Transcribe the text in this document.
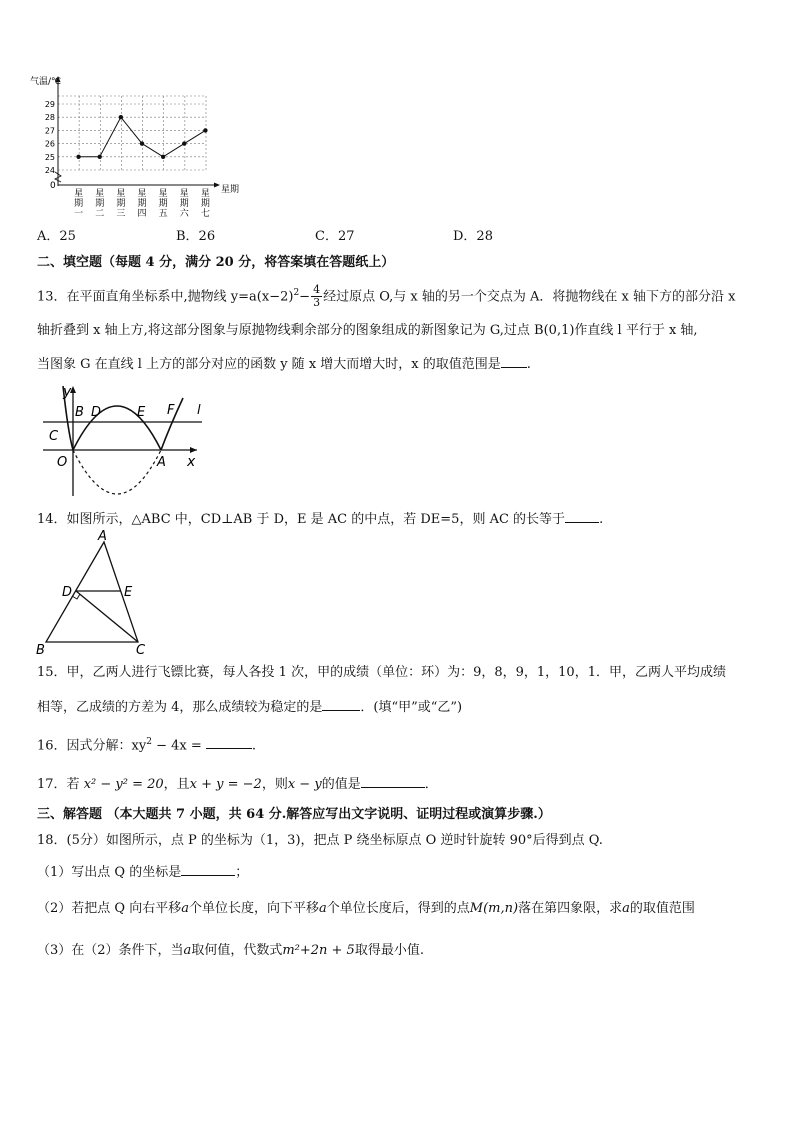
24
25
26
27
28
29
星
期
一
星
期
二
星
期
三
星
期
四
星
期
五
星
期
六
星
期
七
气温/℃
星期
0
A．25	B．26	C．27	D．28
二、填空题（每题 4 分，满分 20 分，将答案填在答题纸上）
13．在平面直角坐标系中,抛物线 $y=a(x-2)^2- \frac{4}{3}$ 经过原点 O,与 x 轴的另一个交点为 A．将抛物线在 x 轴下方的部分沿 x
轴折叠到 x 轴上方,将这部分图象与原抛物线剩余部分的图象组成的新图象记为 G,过点 B(0,1)作直线 l 平行于 x 轴,
当图象 G 在直线 l 上方的部分对应的函数 y 随 x 增大而增大时，x 的取值范围是 .
y
B D	E F l
C
O	A x
14．如图所示，△ABC 中，CD⊥AB 于 D，E 是 AC 的中点，若 DE=5，则 AC 的长等于	.
A
D	E
B	C
15．甲，乙两人进行飞镖比赛，每人各投 1 次，甲的成绩（单位：环）为：9，8，9，1，10，1．甲，乙两人平均成绩
相等，乙成绩的方差为 4，那么成绩较为稳定的是	．(填“甲”或“乙”)
16．因式分解：$xy^2 - 4x$ =	.
17．若 x² − y² = 20，且x + y = −2，则x − y的值是	．
三、解答题 （本大题共 7 小题，共 64 分.解答应写出文字说明、证明过程或演算步骤.）
18．(5分）如图所示，点 P 的坐标为（1，3)，把点 P 绕坐标原点 O 逆时针旋转 90°后得到点 Q.
（1）写出点 Q 的坐标是	；
（2）若把点 Q 向右平移a个单位长度，向下平移a个单位长度后，得到的点M(m,n)落在第四象限，求a的取值范围
（3）在（2）条件下，当a取何值，代数式m²+2n + 5取得最小值.
